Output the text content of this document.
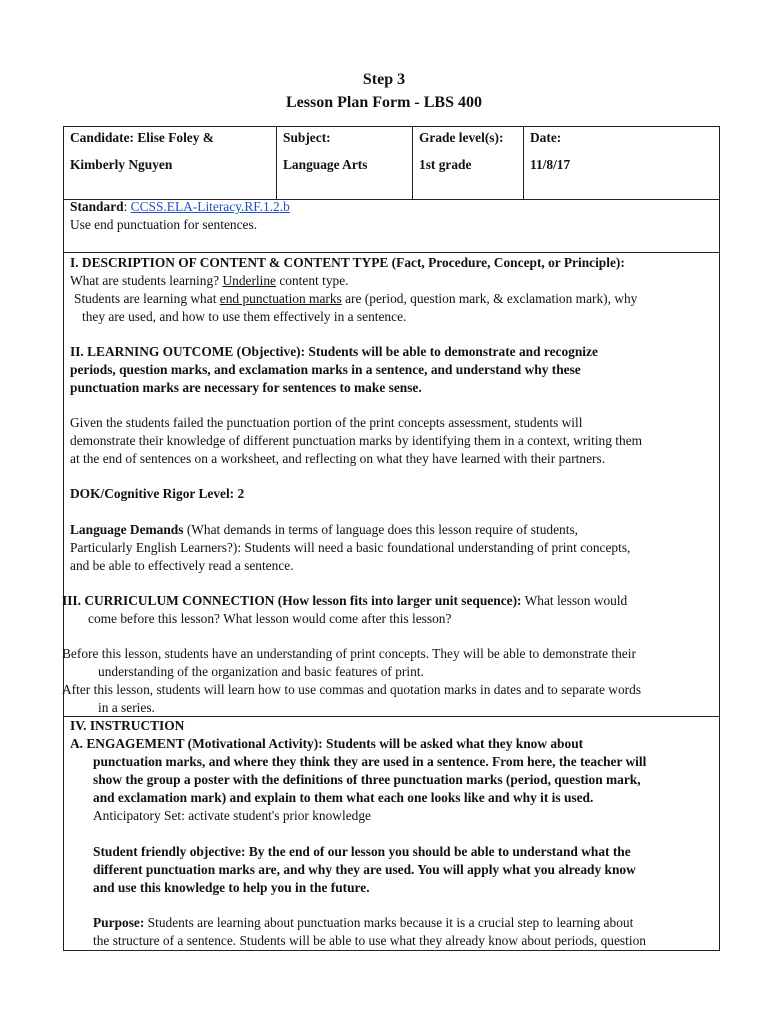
Step 3
Lesson Plan Form - LBS 400
Candidate: Elise Foley &
Kimberly Nguyen

Subject:
Language Arts

Grade level(s):
1st grade

Date:
11/8/17

Standard: CCSS.ELA-Literacy.RF.1.2.b

Use end punctuation for sentences.

I. DESCRIPTION OF CONTENT & CONTENT TYPE (Fact, Procedure, Concept, or Principle):

What are students learning? Underline content type.

Students are learning what end punctuation marks are (period, question mark, & exclamation mark), why

they are used, and how to use them effectively in a sentence.

II. LEARNING OUTCOME (Objective): Students will be able to demonstrate and recognize

periods, question marks, and exclamation marks in a sentence, and understand why these

punctuation marks are necessary for sentences to make sense.

Given the students failed the punctuation portion of the print concepts assessment, students will

demonstrate their knowledge of different punctuation marks by identifying them in a context, writing them

at the end of sentences on a worksheet, and reflecting on what they have learned with their partners.

DOK/Cognitive Rigor Level: 2

Language Demands (What demands in terms of language does this lesson require of students,

Particularly English Learners?): Students will need a basic foundational understanding of print concepts,

and be able to effectively read a sentence.

III. CURRICULUM CONNECTION (How lesson fits into larger unit sequence): What lesson would

come before this lesson? What lesson would come after this lesson?

Before this lesson, students have an understanding of print concepts. They will be able to demonstrate their

understanding of the organization and basic features of print.

After this lesson, students will learn how to use commas and quotation marks in dates and to separate words

in a series.

IV. INSTRUCTION

A. ENGAGEMENT (Motivational Activity): Students will be asked what they know about

punctuation marks, and where they think they are used in a sentence. From here, the teacher will

show the group a poster with the definitions of three punctuation marks (period, question mark,

and exclamation mark) and explain to them what each one looks like and why it is used.

Anticipatory Set: activate student's prior knowledge

Student friendly objective: By the end of our lesson you should be able to understand what the

different punctuation marks are, and why they are used. You will apply what you already know

and use this knowledge to help you in the future.

Purpose: Students are learning about punctuation marks because it is a crucial step to learning about

the structure of a sentence. Students will be able to use what they already know about periods, question
